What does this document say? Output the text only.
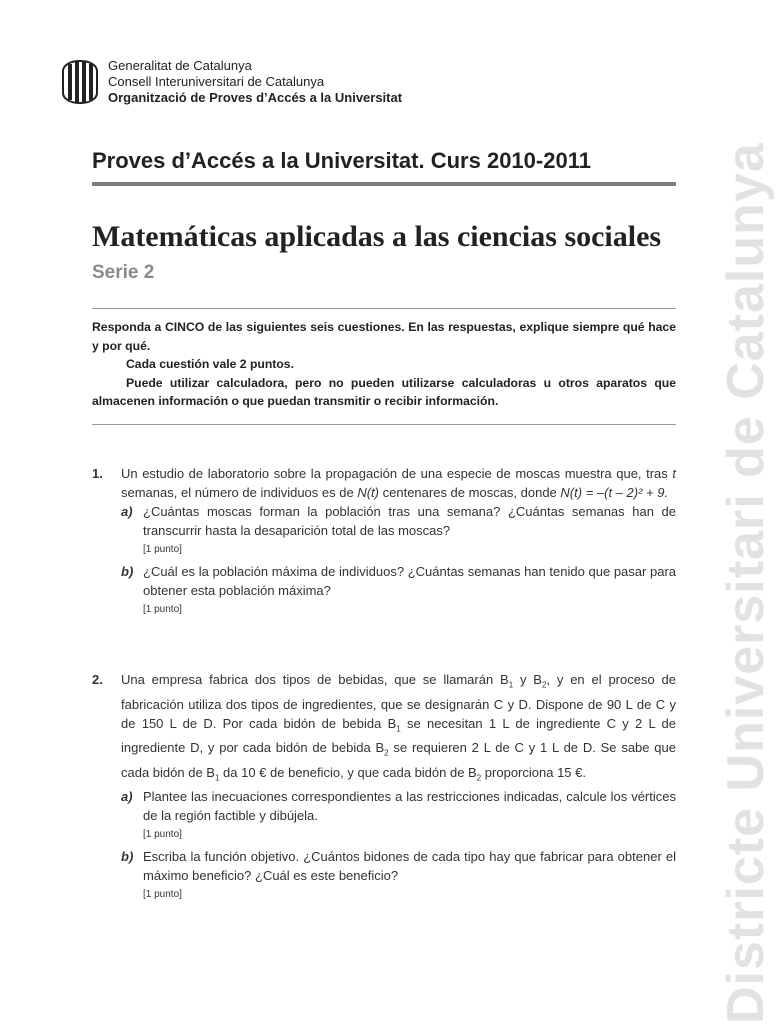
Generalitat de Catalunya
Consell Interuniversitari de Catalunya
Organització de Proves d’Accés a la Universitat
Proves d’Accés a la Universitat. Curs 2010-2011
Matemáticas aplicadas a las ciencias sociales
Serie 2

Responda a CINCO de las siguientes seis cuestiones. En las respuestas, explique siempre qué hace y por qué.

Cada cuestión vale 2 puntos.

Puede utilizar calculadora, pero no pueden utilizarse calculadoras u otros aparatos que almacenen información o que puedan transmitir o recibir información.

1. Un estudio de laboratorio sobre la propagación de una especie de moscas muestra que, tras t semanas, el número de individuos es de N(t) centenares de moscas, donde N(t) = –(t – 2)² + 9.
a) ¿Cuántas moscas forman la población tras una semana? ¿Cuántas semanas han de transcurrir hasta la desaparición total de las moscas?
[1 punto]
b) ¿Cuál es la población máxima de individuos? ¿Cuántas semanas han tenido que pasar para obtener esta población máxima?
[1 punto]
2. Una empresa fabrica dos tipos de bebidas, que se llamarán $B_1$ y $B_2$, y en el proceso de fabricación utiliza dos tipos de ingredientes, que se designarán C y D. Dispone de 90 L de C y de 150 L de D. Por cada bidón de bebida $B_1$ se necesitan 1 L de ingrediente C y 2 L de ingrediente D, y por cada bidón de bebida $B_2$ se requieren 2 L de C y 1 L de D. Se sabe que cada bidón de $B_1$ da 10 € de beneficio, y que cada bidón de $B_2$ proporciona 15 €.
a) Plantee las inecuaciones correspondientes a las restricciones indicadas, calcule los vértices de la región factible y dibújela.
[1 punto]
b) Escriba la función objetivo. ¿Cuántos bidones de cada tipo hay que fabricar para obtener el máximo beneficio? ¿Cuál es este beneficio?
[1 punto]	Districte Universitari de Catalunya
